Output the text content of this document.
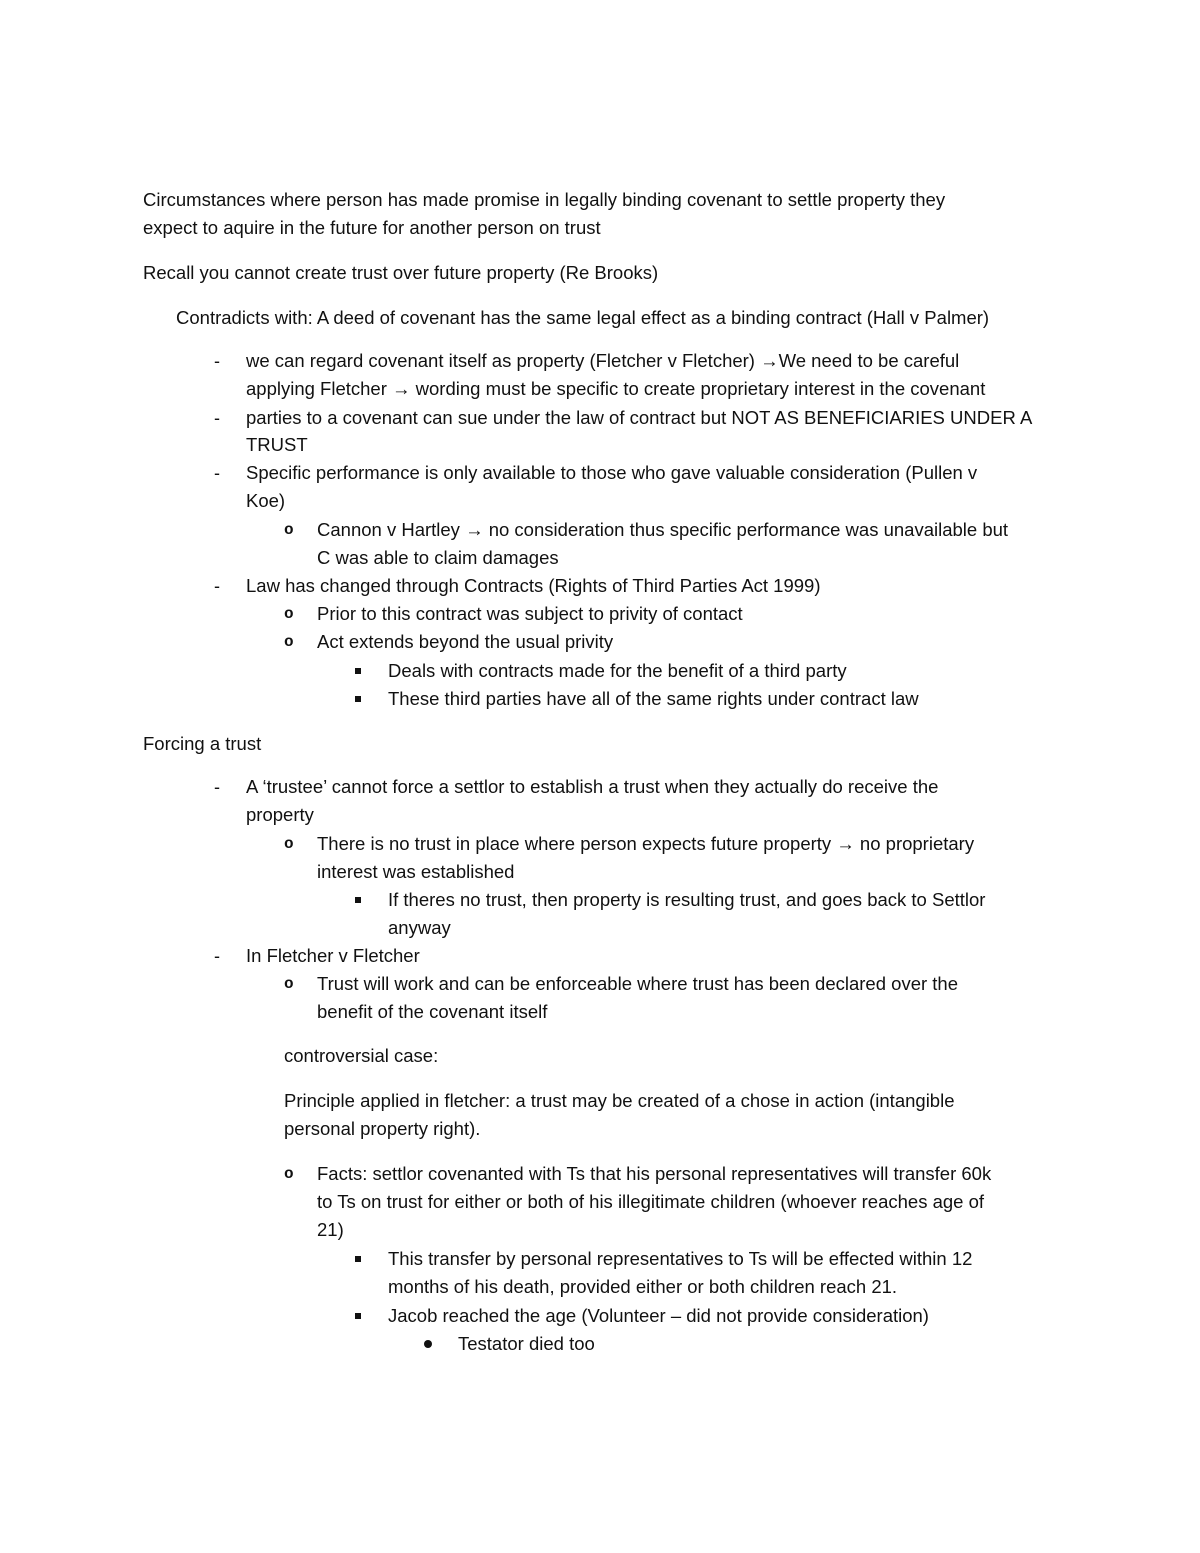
Circumstances where person has made promise in legally binding covenant to settle property they
expect to aquire in the future for another person on trust
Recall you cannot create trust over future property (Re Brooks)
Contradicts with: A deed of covenant has the same legal effect as a binding contract (Hall v Palmer)
- we can regard covenant itself as property (Fletcher v Fletcher) →We need to be careful
applying Fletcher → wording must be specific to create proprietary interest in the covenant
- parties to a covenant can sue under the law of contract but NOT AS BENEFICIARIES UNDER A
TRUST
- Specific performance is only available to those who gave valuable consideration (Pullen v
Koe)
o Cannon v Hartley → no consideration thus specific performance was unavailable but
C was able to claim damages
- Law has changed through Contracts (Rights of Third Parties Act 1999)
o Prior to this contract was subject to privity of contact
o Act extends beyond the usual privity
Deals with contracts made for the benefit of a third party
These third parties have all of the same rights under contract law
Forcing a trust
- A ‘trustee’ cannot force a settlor to establish a trust when they actually do receive the
property
o There is no trust in place where person expects future property → no proprietary
interest was established
If theres no trust, then property is resulting trust, and goes back to Settlor
anyway
- In Fletcher v Fletcher
o Trust will work and can be enforceable where trust has been declared over the
benefit of the covenant itself
controversial case:
Principle applied in fletcher: a trust may be created of a chose in action (intangible
personal property right).
o Facts: settlor covenanted with Ts that his personal representatives will transfer 60k
to Ts on trust for either or both of his illegitimate children (whoever reaches age of
21)
This transfer by personal representatives to Ts will be effected within 12
months of his death, provided either or both children reach 21.
Jacob reached the age (Volunteer – did not provide consideration)
Testator died too
